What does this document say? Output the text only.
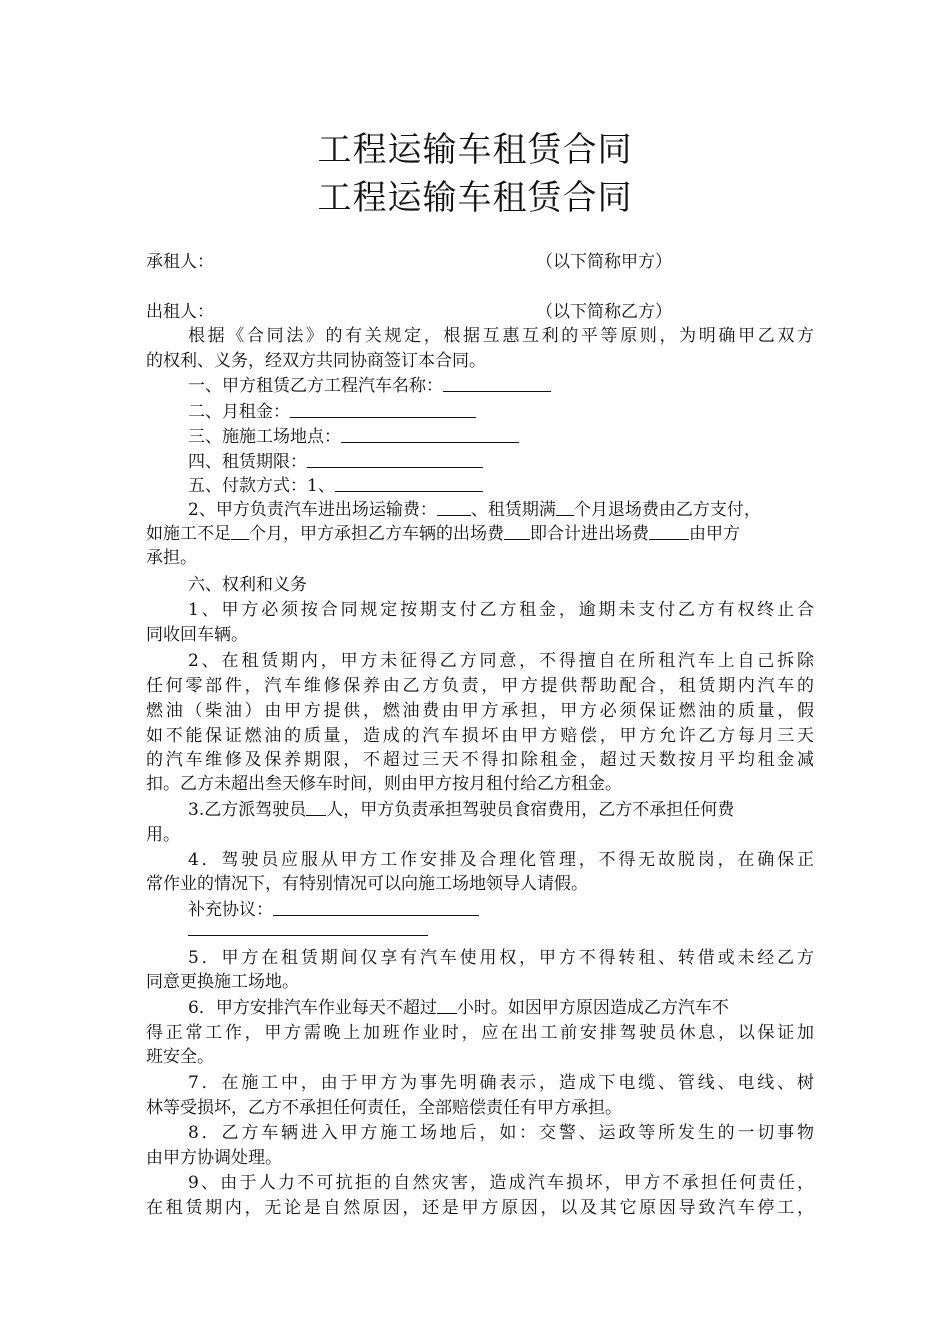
工程运输车租赁合同
工程运输车租赁合同
承租人：	（以下简称甲方）
出租人：	（以下简称乙方）
根据《合同法》的有关规定，根据互惠互利的平等原则，为明确甲乙双方
的权利、义务，经双方共同协商签订本合同。
一、甲方租赁乙方工程汽车名称：
二、月租金：
三、施施工场地点：
四、租赁期限：
五、付款方式：1、
2、甲方负责汽车进出场运输费： 、租赁期满 个月退场费由乙方支付，
如施工不足 个月，甲方承担乙方车辆的出场费 即合计进出场费 由甲方
承担。
六、权利和义务
1、甲方必须按合同规定按期支付乙方租金，逾期未支付乙方有权终止合
同收回车辆。
2、在租赁期内，甲方未征得乙方同意，不得擅自在所租汽车上自己拆除
任何零部件，汽车维修保养由乙方负责，甲方提供帮助配合，租赁期内汽车的
燃油（柴油）由甲方提供，燃油费由甲方承担，甲方必须保证燃油的质量，假
如不能保证燃油的质量，造成的汽车损坏由甲方赔偿，甲方允许乙方每月三天
的汽车维修及保养期限，不超过三天不得扣除租金，超过天数按月平均租金减
扣。乙方未超出叁天修车时间，则由甲方按月租付给乙方租金。
3.乙方派驾驶员 人，甲方负责承担驾驶员食宿费用，乙方不承担任何费
用。
4．驾驶员应服从甲方工作安排及合理化管理，不得无故脱岗，在确保正
常作业的情况下，有特别情况可以向施工场地领导人请假。
补充协议：
5．甲方在租赁期间仅享有汽车使用权，甲方不得转租、转借或未经乙方
同意更换施工场地。
6．甲方安排汽车作业每天不超过 小时。如因甲方原因造成乙方汽车不
得正常工作，甲方需晚上加班作业时，应在出工前安排驾驶员休息，以保证加
班安全。
7．在施工中，由于甲方为事先明确表示，造成下电缆、管线、电线、树
林等受损坏，乙方不承担任何责任，全部赔偿责任有甲方承担。
8．乙方车辆进入甲方施工场地后，如：交警、运政等所发生的一切事物
由甲方协调处理。
9、由于人力不可抗拒的自然灾害，造成汽车损坏，甲方不承担任何责任，
在租赁期内，无论是自然原因，还是甲方原因，以及其它原因导致汽车停工，
